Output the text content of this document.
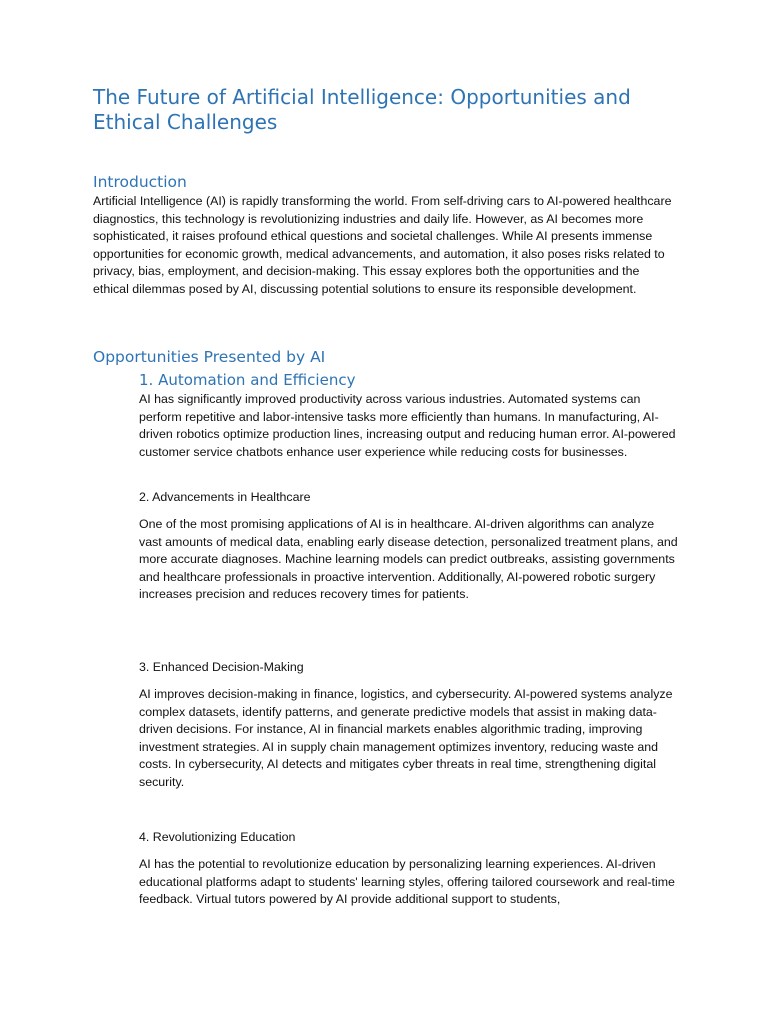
The Future of Artificial Intelligence: Opportunities and Ethical Challenges
Introduction

Artificial Intelligence (AI) is rapidly transforming the world. From self-driving cars to AI-powered healthcare diagnostics, this technology is revolutionizing industries and daily life. However, as AI becomes more sophisticated, it raises profound ethical questions and societal challenges. While AI presents immense opportunities for economic growth, medical advancements, and automation, it also poses risks related to privacy, bias, employment, and decision-making. This essay explores both the opportunities and the ethical dilemmas posed by AI, discussing potential solutions to ensure its responsible development.

Opportunities Presented by AI
1. Automation and Efficiency

AI has significantly improved productivity across various industries. Automated systems can perform repetitive and labor-intensive tasks more efficiently than humans. In manufacturing, AI-driven robotics optimize production lines, increasing output and reducing human error. AI-powered customer service chatbots enhance user experience while reducing costs for businesses.

2. Advancements in Healthcare

One of the most promising applications of AI is in healthcare. AI-driven algorithms can analyze vast amounts of medical data, enabling early disease detection, personalized treatment plans, and more accurate diagnoses. Machine learning models can predict outbreaks, assisting governments and healthcare professionals in proactive intervention. Additionally, AI-powered robotic surgery increases precision and reduces recovery times for patients.

3. Enhanced Decision-Making

AI improves decision-making in finance, logistics, and cybersecurity. AI-powered systems analyze complex datasets, identify patterns, and generate predictive models that assist in making data-driven decisions. For instance, AI in financial markets enables algorithmic trading, improving investment strategies. AI in supply chain management optimizes inventory, reducing waste and costs. In cybersecurity, AI detects and mitigates cyber threats in real time, strengthening digital security.

4. Revolutionizing Education

AI has the potential to revolutionize education by personalizing learning experiences. AI-driven educational platforms adapt to students' learning styles, offering tailored coursework and real-time feedback. Virtual tutors powered by AI provide additional support to students,
